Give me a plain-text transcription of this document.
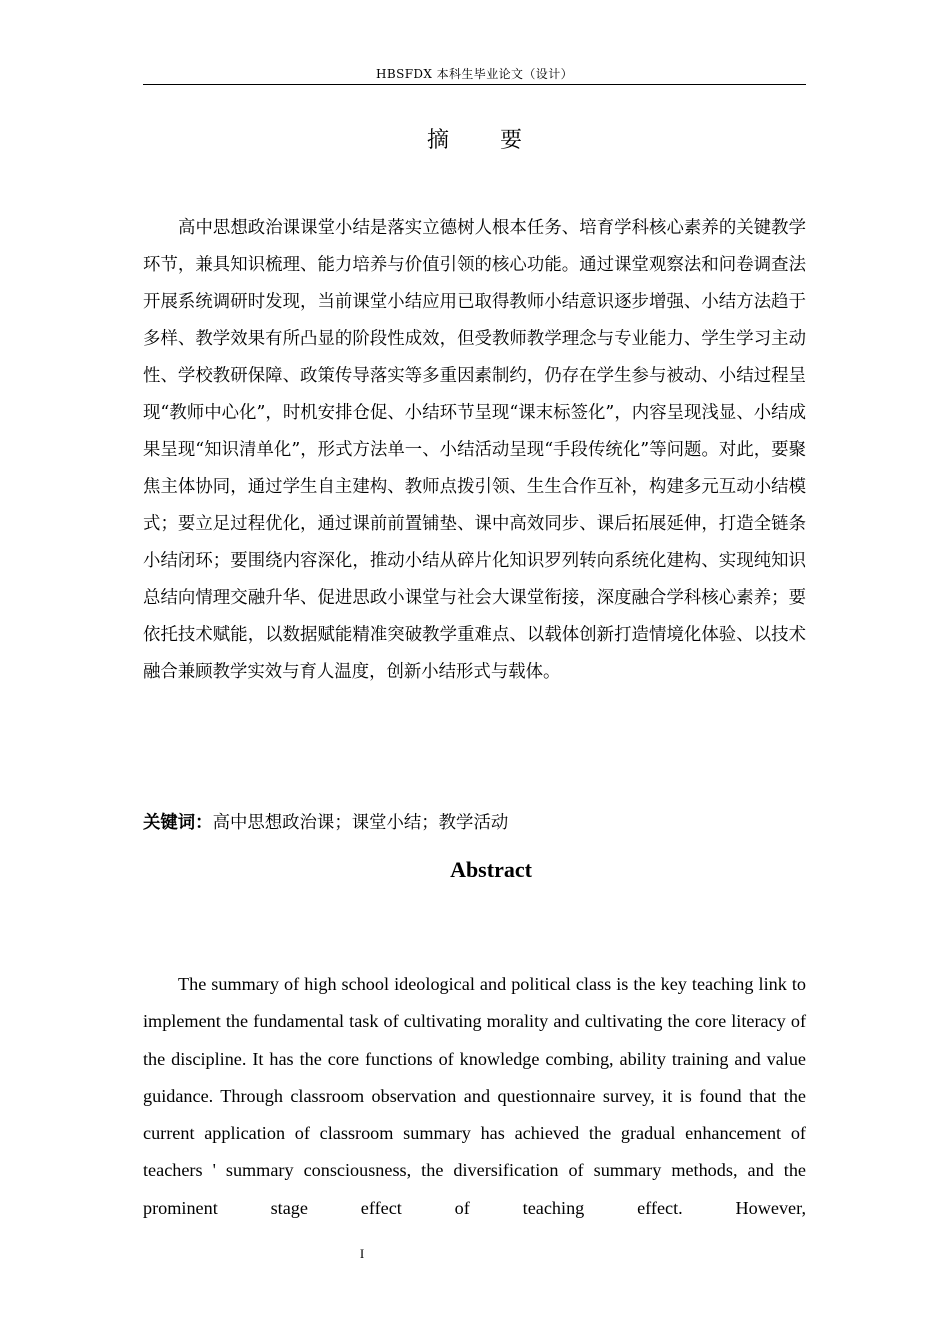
HBSFDX 本科生毕业论文（设计）
摘 要

高中思想政治课课堂小结是落实立德树人根本任务、培育学科核心素养的关键教学环节，兼具知识梳理、能力培养与价值引领的核心功能。通过课堂观察法和问卷调查法开展系统调研时发现，当前课堂小结应用已取得教师小结意识逐步增强、小结方法趋于多样、教学效果有所凸显的阶段性成效，但受教师教学理念与专业能力、学生学习主动性、学校教研保障、政策传导落实等多重因素制约，仍存在学生参与被动、小结过程呈现“教师中心化”，时机安排仓促、小结环节呈现“课末标签化”，内容呈现浅显、小结成果呈现“知识清单化”，形式方法单一、小结活动呈现“手段传统化”等问题。对此，要聚焦主体协同，通过学生自主建构、教师点拨引领、生生合作互补，构建多元互动小结模式；要立足过程优化，通过课前前置铺垫、课中高效同步、课后拓展延伸，打造全链条小结闭环；要围绕内容深化，推动小结从碎片化知识罗列转向系统化建构、实现纯知识总结向情理交融升华、促进思政小课堂与社会大课堂衔接，深度融合学科核心素养；要依托技术赋能，以数据赋能精准突破教学重难点、以载体创新打造情境化体验、以技术融合兼顾教学实效与育人温度，创新小结形式与载体。

关键词：高中思想政治课；课堂小结；教学活动
Abstract

The summary of high school ideological and political class is the key teaching link to implement the fundamental task of cultivating morality and cultivating the core literacy of the discipline. It has the core functions of knowledge combing, ability training and value guidance. Through classroom observation and questionnaire survey, it is found that the current application of classroom summary has achieved the gradual enhancement of teachers ' summary consciousness, the diversification of summary methods, and the prominent stage effect of teaching effect. However,

I
